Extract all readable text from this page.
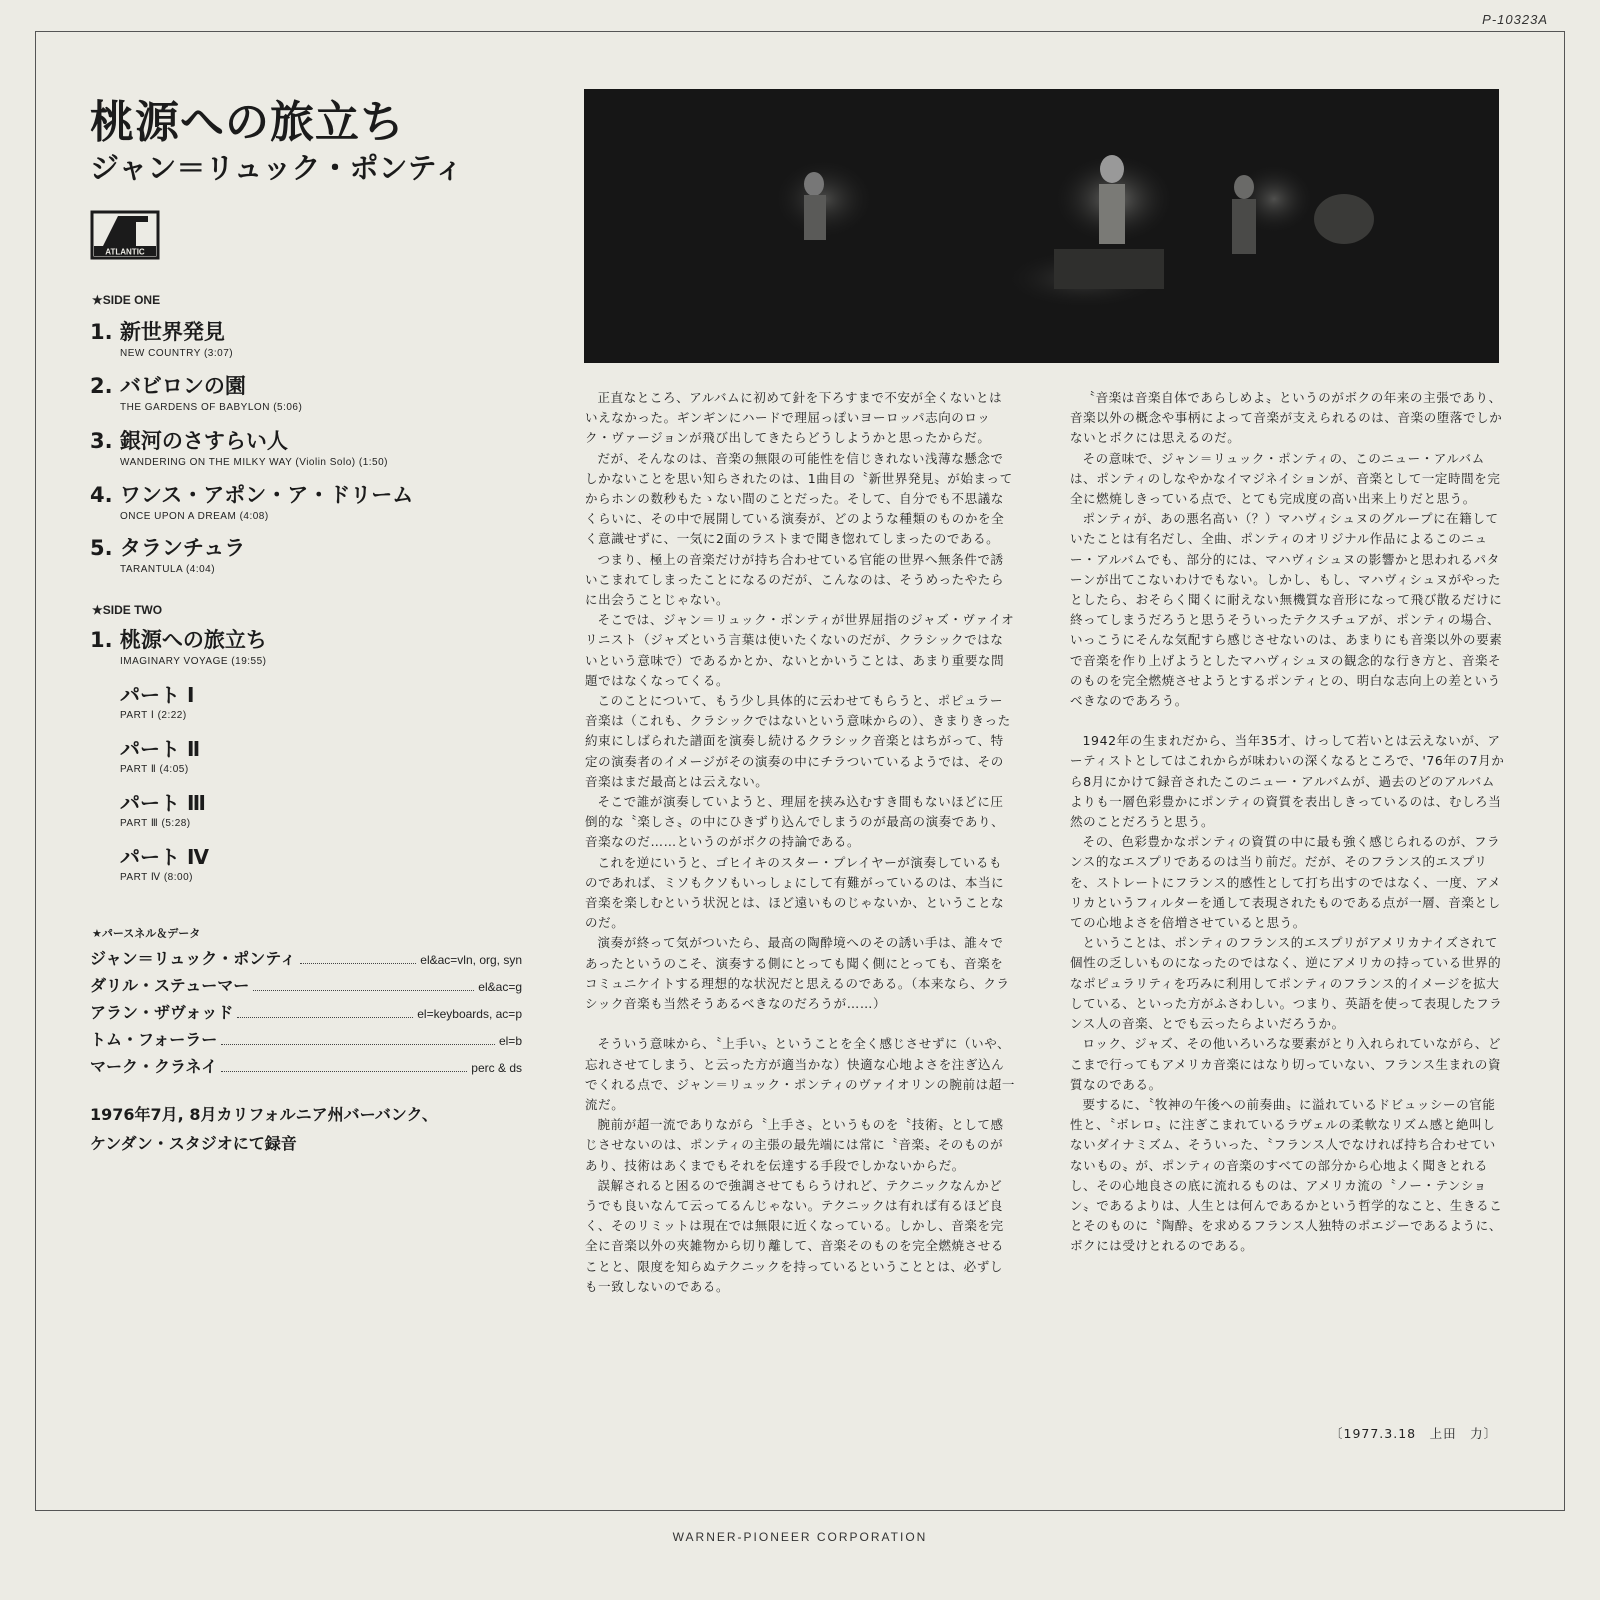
P-10323A
桃源への旅立ち
ジャン＝リュック・ポンティ
ATLANTIC
★SIDE ONE
1. 新世界発見
NEW COUNTRY (3:07)
2. バビロンの園
THE GARDENS OF BABYLON (5:06)
3. 銀河のさすらい人
WANDERING ON THE MILKY WAY (Violin Solo) (1:50)
4. ワンス・アポン・ア・ドリーム
ONCE UPON A DREAM (4:08)
5. タランチュラ
TARANTULA (4:04)
★SIDE TWO
1. 桃源への旅立ち
IMAGINARY VOYAGE (19:55)
パート Ⅰ
PART Ⅰ (2:22)
パート Ⅱ
PART Ⅱ (4:05)
パート Ⅲ
PART Ⅲ (5:28)
パート Ⅳ
PART Ⅳ (8:00)
★パースネル＆データ
ジャン＝リュック・ポンティ	el&ac=vln, org, syn
ダリル・ステューマー	el&ac=g
アラン・ザヴォッド	el=keyboards, ac=p
トム・フォーラー	el=b
マーク・クラネイ	perc & ds
1976年7月, 8月カリフォルニア州バーバンク、
ケンダン・スタジオにて録音

正直なところ、アルバムに初めて針を下ろすまで不安が全くないとはいえなかった。ギンギンにハードで理屈っぽいヨーロッパ志向のロック・ヴァージョンが飛び出してきたらどうしようかと思ったからだ。

だが、そんなのは、音楽の無限の可能性を信じきれない浅薄な懸念でしかないことを思い知らされたのは、1曲目の〝新世界発見〟が始まってからホンの数秒もたゝない間のことだった。そして、自分でも不思議なくらいに、その中で展開している演奏が、どのような種類のものかを全く意識せずに、一気に2面のラストまで聞き惚れてしまったのである。

つまり、極上の音楽だけが持ち合わせている官能の世界へ無条件で誘いこまれてしまったことになるのだが、こんなのは、そうめったやたらに出会うことじゃない。

そこでは、ジャン＝リュック・ポンティが世界屈指のジャズ・ヴァイオリニスト（ジャズという言葉は使いたくないのだが、クラシックではないという意味で）であるかとか、ないとかいうことは、あまり重要な問題ではなくなってくる。

このことについて、もう少し具体的に云わせてもらうと、ポピュラー音楽は（これも、クラシックではないという意味からの）、きまりきった約束にしばられた譜面を演奏し続けるクラシック音楽とはちがって、特定の演奏者のイメージがその演奏の中にチラついているようでは、その音楽はまだ最高とは云えない。

そこで誰が演奏していようと、理屈を挟み込むすき間もないほどに圧倒的な〝楽しさ〟の中にひきずり込んでしまうのが最高の演奏であり、音楽なのだ……というのがボクの持論である。

これを逆にいうと、ゴヒイキのスター・プレイヤーが演奏しているものであれば、ミソもクソもいっしょにして有難がっているのは、本当に音楽を楽しむという状況とは、ほど遠いものじゃないか、ということなのだ。

演奏が終って気がついたら、最高の陶酔境へのその誘い手は、誰々であったというのこそ、演奏する側にとっても聞く側にとっても、音楽をコミュニケイトする理想的な状況だと思えるのである。（本来なら、クラシック音楽も当然そうあるべきなのだろうが……）

そういう意味から、〝上手い〟ということを全く感じさせずに（いや、忘れさせてしまう、と云った方が適当かな）快適な心地よさを注ぎ込んでくれる点で、ジャン＝リュック・ポンティのヴァイオリンの腕前は超一流だ。

腕前が超一流でありながら〝上手さ〟というものを〝技術〟として感じさせないのは、ポンティの主張の最先端には常に〝音楽〟そのものがあり、技術はあくまでもそれを伝達する手段でしかないからだ。

誤解されると困るので強調させてもらうけれど、テクニックなんかどうでも良いなんて云ってるんじゃない。テクニックは有れば有るほど良く、そのリミットは現在では無限に近くなっている。しかし、音楽を完全に音楽以外の夾雑物から切り離して、音楽そのものを完全燃焼させることと、限度を知らぬテクニックを持っているということとは、必ずしも一致しないのである。

〝音楽は音楽自体であらしめよ〟というのがボクの年来の主張であり、音楽以外の概念や事柄によって音楽が支えられるのは、音楽の堕落でしかないとボクには思えるのだ。

その意味で、ジャン＝リュック・ポンティの、このニュー・アルバムは、ポンティのしなやかなイマジネイションが、音楽として一定時間を完全に燃焼しきっている点で、とても完成度の高い出来上りだと思う。

ポンティが、あの悪名高い（？）マハヴィシュヌのグループに在籍していたことは有名だし、全曲、ポンティのオリジナル作品によるこのニュー・アルバムでも、部分的には、マハヴィシュヌの影響かと思われるパターンが出てこないわけでもない。しかし、もし、マハヴィシュヌがやったとしたら、おそらく聞くに耐えない無機質な音形になって飛び散るだけに終ってしまうだろうと思うそういったテクスチュアが、ポンティの場合、いっこうにそんな気配すら感じさせないのは、あまりにも音楽以外の要素で音楽を作り上げようとしたマハヴィシュヌの観念的な行き方と、音楽そのものを完全燃焼させようとするポンティとの、明白な志向上の差というべきなのであろう。

1942年の生まれだから、当年35才、けっして若いとは云えないが、アーティストとしてはこれからが味わいの深くなるところで、'76年の7月から8月にかけて録音されたこのニュー・アルバムが、過去のどのアルバムよりも一層色彩豊かにポンティの資質を表出しきっているのは、むしろ当然のことだろうと思う。

その、色彩豊かなポンティの資質の中に最も強く感じられるのが、フランス的なエスプリであるのは当り前だ。だが、そのフランス的エスプリを、ストレートにフランス的感性として打ち出すのではなく、一度、アメリカというフィルターを通して表現されたものである点が一層、音楽としての心地よさを倍増させていると思う。

ということは、ポンティのフランス的エスプリがアメリカナイズされて個性の乏しいものになったのではなく、逆にアメリカの持っている世界的なポピュラリティを巧みに利用してポンティのフランス的イメージを拡大している、といった方がふさわしい。つまり、英語を使って表現したフランス人の音楽、とでも云ったらよいだろうか。

ロック、ジャズ、その他いろいろな要素がとり入れられていながら、どこまで行ってもアメリカ音楽にはなり切っていない、フランス生まれの資質なのである。

要するに、〝牧神の午後への前奏曲〟に溢れているドビュッシーの官能性と、〝ボレロ〟に注ぎこまれているラヴェルの柔軟なリズム感と絶叫しないダイナミズム、そういった、〝フランス人でなければ持ち合わせていないもの〟が、ポンティの音楽のすべての部分から心地よく聞きとれるし、その心地良さの底に流れるものは、アメリカ流の〝ノー・テンション〟であるよりは、人生とは何んであるかという哲学的なこと、生きることそのものに〝陶酔〟を求めるフランス人独特のポエジーであるように、ボクには受けとれるのである。

〔1977.3.18　上田　力〕
WARNER-PIONEER CORPORATION
